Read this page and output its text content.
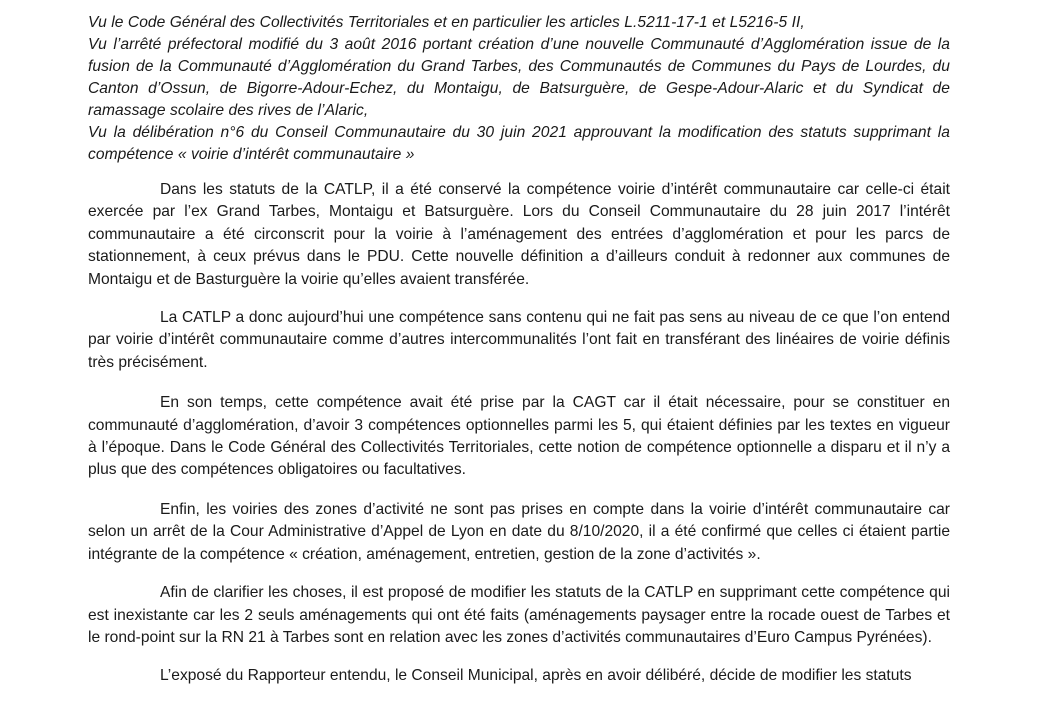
Vu le Code Général des Collectivités Territoriales et en particulier les articles L.5211-17-1 et L5216-5 II,

Vu l’arrêté préfectoral modifié du 3 août 2016 portant création d’une nouvelle Communauté d’Agglomération issue de la fusion de la Communauté d’Agglomération du Grand Tarbes, des Communautés de Communes du Pays de Lourdes, du Canton d’Ossun, de Bigorre-Adour-Echez, du Montaigu, de Batsurguère, de Gespe-Adour-Alaric et du Syndicat de ramassage scolaire des rives de l’Alaric,

Vu la délibération n°6 du Conseil Communautaire du 30 juin 2021 approuvant la modification des statuts supprimant la compétence « voirie d’intérêt communautaire »

Dans les statuts de la CATLP, il a été conservé la compétence voirie d’intérêt communautaire car celle-ci était exercée par l’ex Grand Tarbes, Montaigu et Batsurguère. Lors du Conseil Communautaire du 28 juin 2017 l’intérêt communautaire a été circonscrit pour la voirie à l’aménagement des entrées d’agglomération et pour les parcs de stationnement, à ceux prévus dans le PDU. Cette nouvelle définition a d’ailleurs conduit à redonner aux communes de Montaigu et de Basturguère la voirie qu’elles avaient transférée.

La CATLP a donc aujourd’hui une compétence sans contenu qui ne fait pas sens au niveau de ce que l’on entend par voirie d’intérêt communautaire comme d’autres intercommunalités l’ont fait en transférant des linéaires de voirie définis très précisément.

En son temps, cette compétence avait été prise par la CAGT car il était nécessaire, pour se constituer en communauté d’agglomération, d’avoir 3 compétences optionnelles parmi les 5, qui étaient définies par les textes en vigueur à l’époque. Dans le Code Général des Collectivités Territoriales, cette notion de compétence optionnelle a disparu et il n’y a plus que des compétences obligatoires ou facultatives.

Enfin, les voiries des zones d’activité ne sont pas prises en compte dans la voirie d’intérêt communautaire car selon un arrêt de la Cour Administrative d’Appel de Lyon en date du 8/10/2020, il a été confirmé que celles ci étaient partie intégrante de la compétence « création, aménagement, entretien, gestion de la zone d’activités ».

Afin de clarifier les choses, il est proposé de modifier les statuts de la CATLP en supprimant cette compétence qui est inexistante car les 2 seuls aménagements qui ont été faits (aménagements paysager entre la rocade ouest de Tarbes et le rond-point sur la RN 21 à Tarbes sont en relation avec les zones d’activités communautaires d’Euro Campus Pyrénées).

L’exposé du Rapporteur entendu, le Conseil Municipal, après en avoir délibéré, décide de modifier les statuts
